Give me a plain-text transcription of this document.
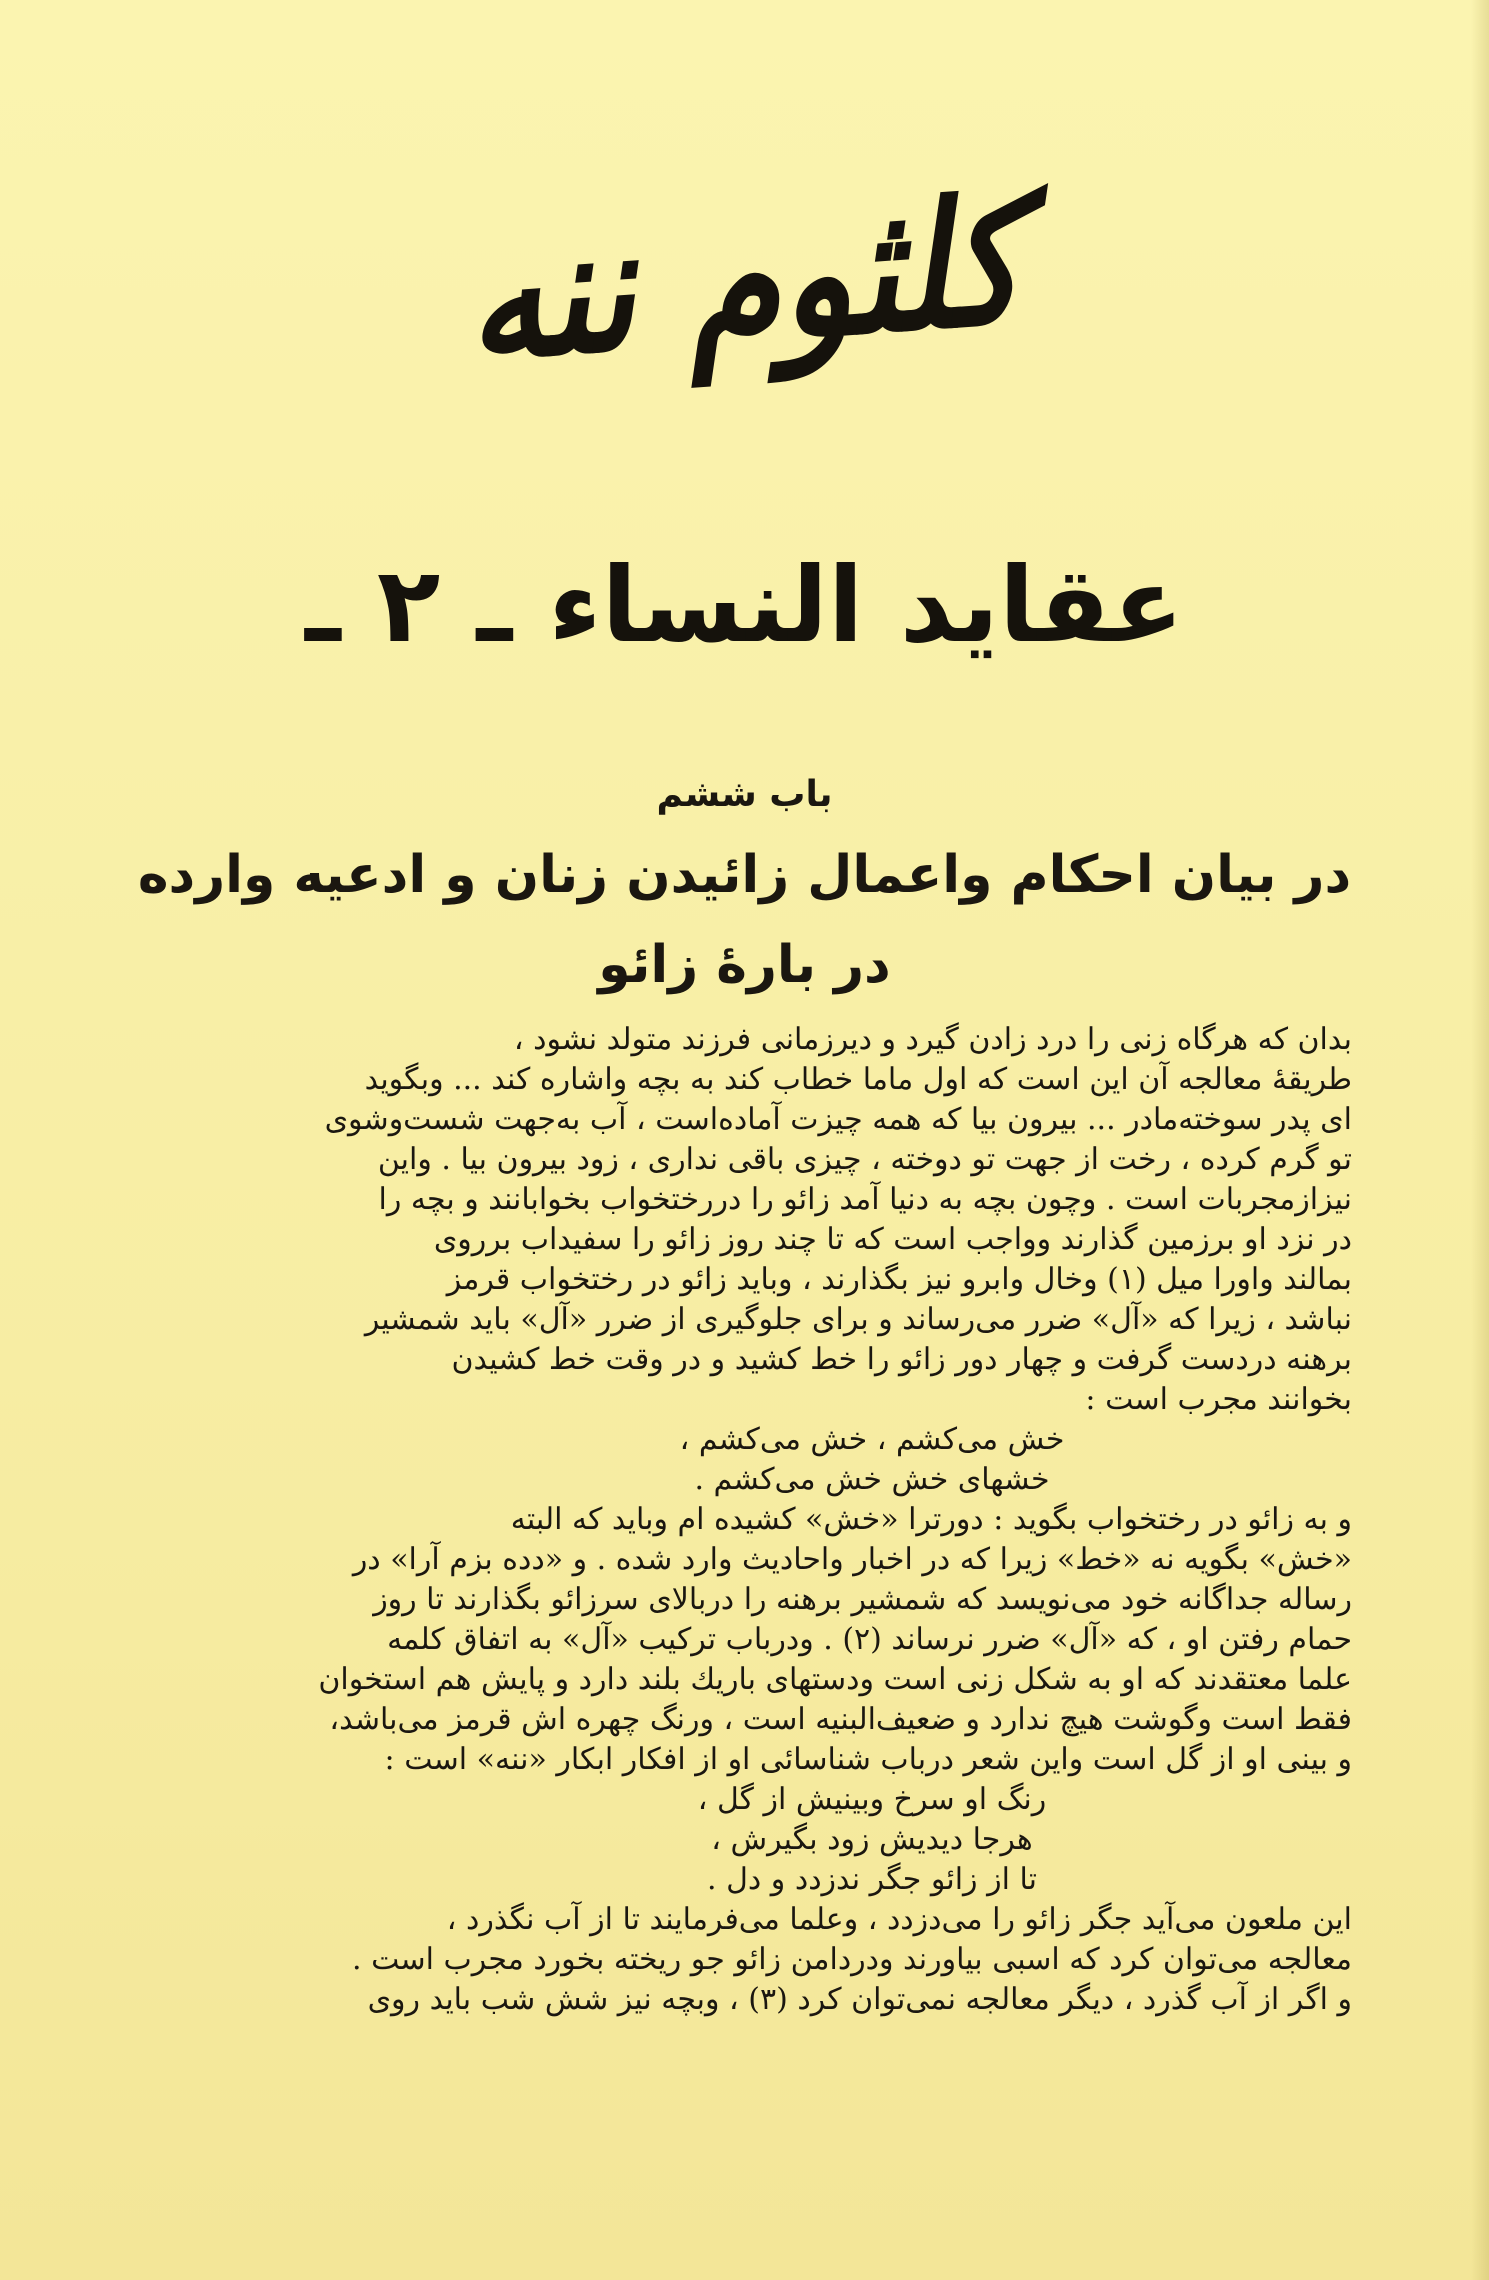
کلثوم ننه
عقاید النساء ـ ۲ ـ
باب ششم
در بیان احکام واعمال زائیدن زنان و ادعیه وارده
در بارهٔ زائو
بدان که هرگاه زنی را درد زادن گیرد و دیرزمانی فرزند متولد نشود ،
طریقهٔ معالجه آن این است که اول ماما خطاب کند به بچه واشاره کند ... وبگوید
ای پدر سوخته‌مادر ... بیرون بیا که همه چیزت آماده‌است ، آب به‌جهت شست‌وشوی
تو گرم کرده ، رخت از جهت تو دوخته ، چیزی باقی نداری ، زود بیرون بیا . واین
نیزازمجربات است . وچون بچه به دنیا آمد زائو را دررختخواب بخوابانند و بچه را
در نزد او برزمین گذارند وواجب است که تا چند روز زائو را سفیداب برروی
بمالند واورا میل (۱) وخال وابرو نیز بگذارند ، وباید زائو در رختخواب قرمز
نباشد ، زیرا که «آل» ضرر می‌رساند و برای جلوگیری از ضرر «آل» باید شمشیر
برهنه دردست گرفت و چهار دور زائو را خط کشید و در وقت خط کشیدن
بخوانند مجرب است :
خش می‌کشم ، خش می‌کشم ،
خشهای خش خش می‌کشم .
و به زائو در رختخواب بگوید : دورترا «خش» کشیده ام وباید که البته
«خش» بگویه نه «خط» زیرا که در اخبار واحادیث وارد شده . و «دده بزم آرا» در
رساله جداگانه خود می‌نویسد که شمشیر برهنه را دربالای سرزائو بگذارند تا روز
حمام رفتن او ، که «آل» ضرر نرساند (۲) . ودرباب ترکیب «آل» به اتفاق کلمه
علما معتقدند که او به شکل زنی است ودستهای باریك بلند دارد و پایش هم استخوان
فقط است وگوشت هیچ ندارد و ضعیف‌البنیه است ، ورنگ چهره اش قرمز می‌باشد،
و بینی او از گل است واین شعر درباب شناسائی او از افکار ابکار «ننه» است :
رنگ او سرخ وبینیش از گل ،
هرجا دیدیش زود بگیرش ،
تا از زائو جگر ندزدد و دل .
این ملعون می‌آید جگر زائو را می‌دزدد ، وعلما می‌فرمایند تا از آب نگذرد ،
معالجه می‌توان کرد که اسبی بیاورند ودردامن زائو جو ریخته بخورد مجرب است .
و اگر از آب گذرد ، دیگر معالجه نمی‌توان کرد (۳) ، وبچه نیز شش شب باید روی
